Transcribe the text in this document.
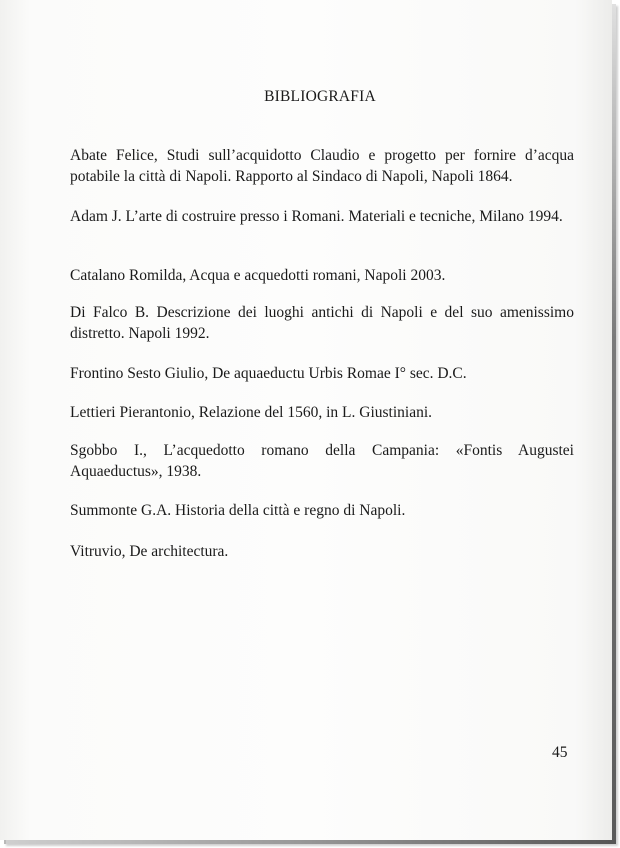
BIBLIOGRAFIA

Abate Felice, Studi sull’acquidotto Claudio e progetto per fornire d’acqua potabile la città di Napoli. Rapporto al Sindaco di Napoli, Napoli 1864.

Adam J. L’arte di costruire presso i Romani. Materiali e tecniche, Milano 1994.

Catalano Romilda, Acqua e acquedotti romani, Napoli 2003.

Di Falco B. Descrizione dei luoghi antichi di Napoli e del suo amenissimo distretto. Napoli 1992.

Frontino Sesto Giulio, De aquaeductu Urbis Romae I° sec. D.C.

Lettieri Pierantonio, Relazione del 1560, in L. Giustiniani.

Sgobbo I., L’acquedotto romano della Campania: «Fontis Augustei Aquaeductus», 1938.

Summonte G.A. Historia della città e regno di Napoli.

Vitruvio, De architectura.

45
